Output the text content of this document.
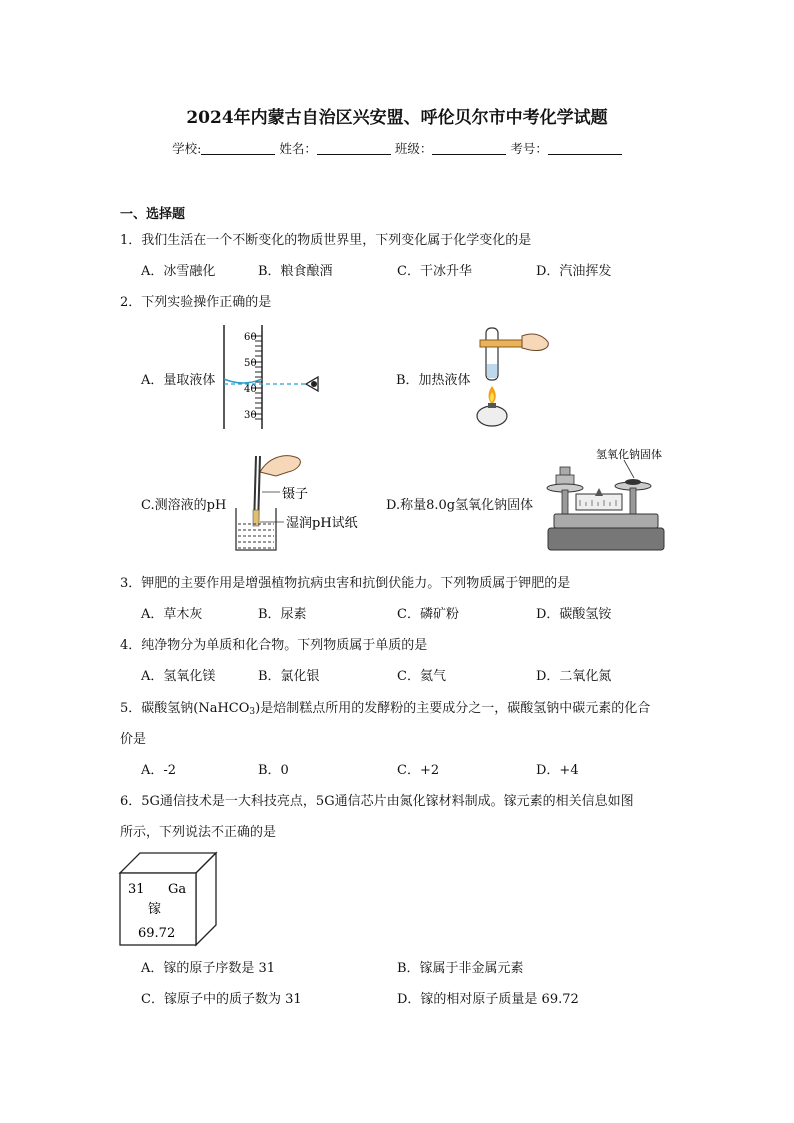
2024年内蒙古自治区兴安盟、呼伦贝尔市中考化学试题
学校:	姓名：	班级：	考号：
一、选择题
1．我们生活在一个不断变化的物质世界里，下列变化属于化学变化的是
A．冰雪融化	B．粮食酿酒	C．干冰升华	D．汽油挥发
2．下列实验操作正确的是
A．量取液体
60
50
40
30
B．加热液体
C.测溶液的pH
镊子
湿润pH试纸
D.称量8.0g氢氧化钠固体
氢氧化钠固体
3．钾肥的主要作用是增强植物抗病虫害和抗倒伏能力。下列物质属于钾肥的是
A．草木灰	B．尿素	C．磷矿粉	D．碳酸氢铵
4．纯净物分为单质和化合物。下列物质属于单质的是
A．氢氧化镁	B．氯化银	C．氦气	D．二氧化氮
5．碳酸氢钠(NaHCO$_3$)是焙制糕点所用的发酵粉的主要成分之一，碳酸氢钠中碳元素的化合
价是
A．-2	B．0	C．+2	D．+4
6．5G通信技术是一大科技亮点，5G通信芯片由氮化镓材料制成。镓元素的相关信息如图
所示，下列说法不正确的是
31 Ga
镓
69.72
A．镓的原子序数是 31	B．镓属于非金属元素
C．镓原子中的质子数为 31	D．镓的相对原子质量是 69.72
